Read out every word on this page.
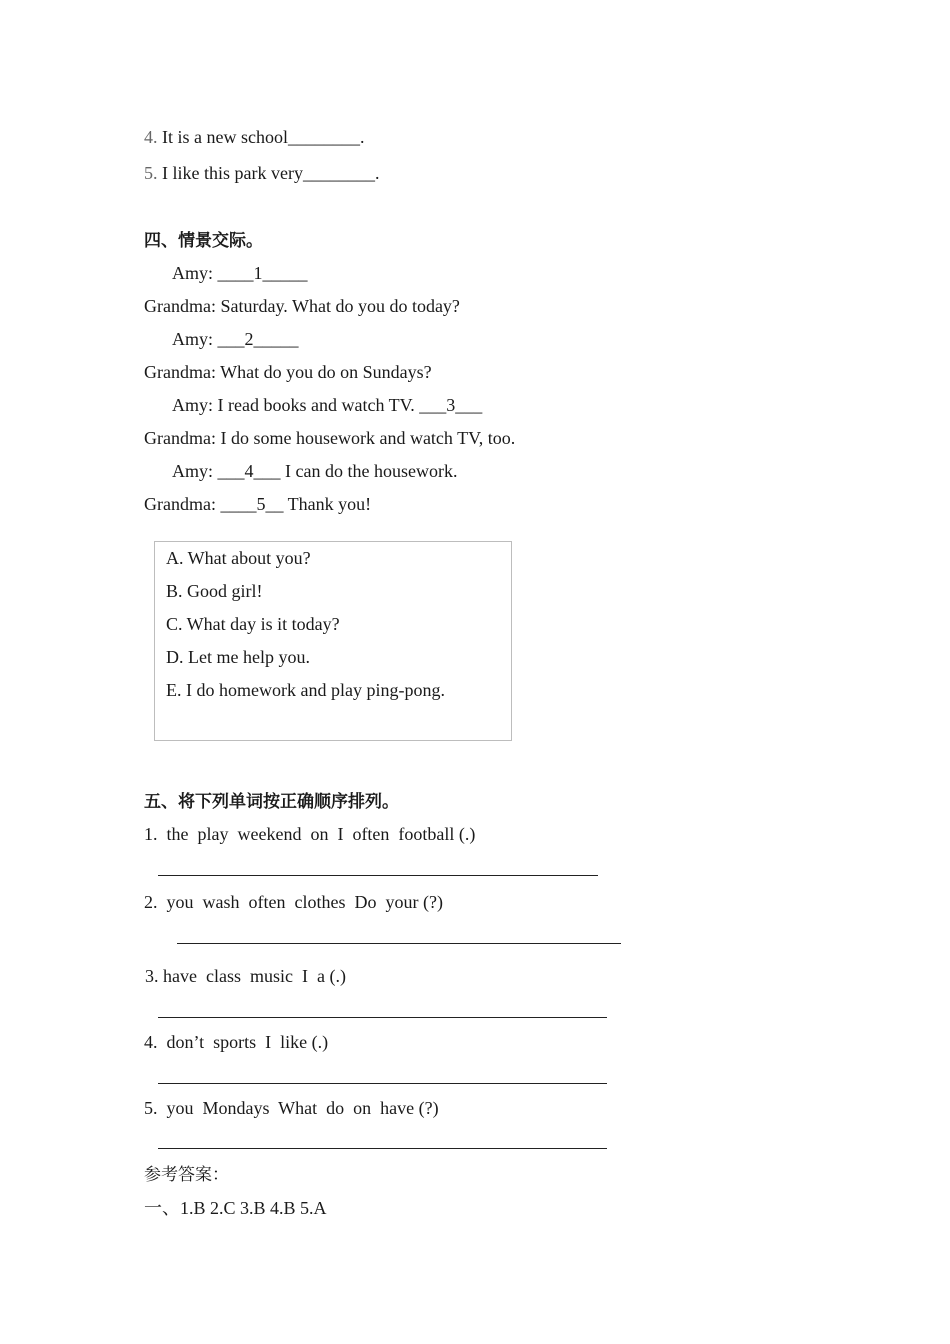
4. It is a new school________.
5. I like this park very________.
四、情景交际。
Amy: ____1_____
Grandma: Saturday. What do you do today?
Amy: ___2_____
Grandma: What do you do on Sundays?
Amy: I read books and watch TV. ___3___
Grandma: I do some housework and watch TV, too.
Amy: ___4___ I can do the housework.
Grandma: ____5__ Thank you!
A. What about you?
B. Good girl!
C. What day is it today?
D. Let me help you.
E. I do homework and play ping-pong.
五、将下列单词按正确顺序排列。
1.  the  play  weekend  on  I  often  football (.)
2.  you  wash  often  clothes  Do  your (?)
3. have  class  music  I  a (.)
4.  don’t  sports  I  like (.)
5.  you  Mondays  What  do  on  have (?)
参考答案：
一、1.B 2.C 3.B 4.B 5.A
